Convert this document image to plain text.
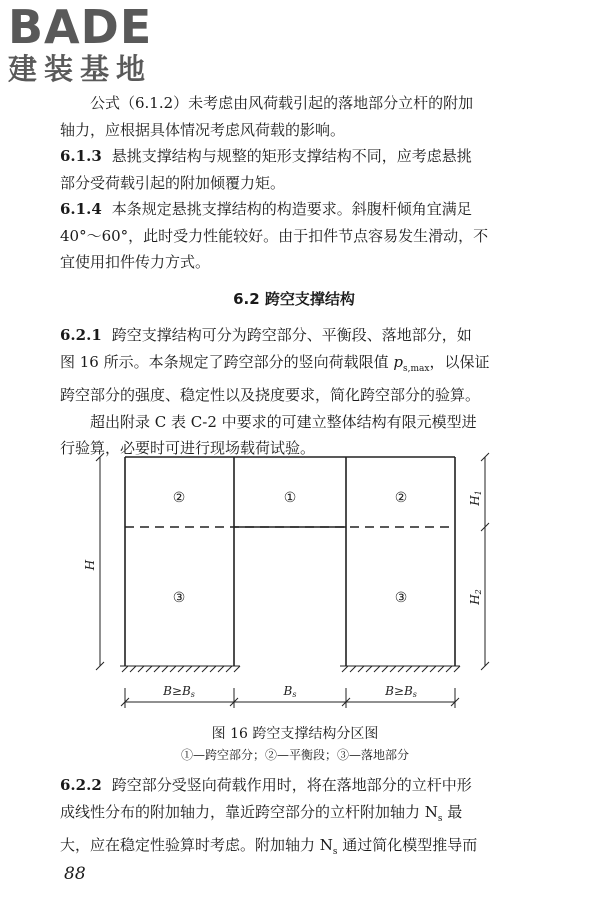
BADE
建装基地
公式（6.1.2）未考虑由风荷载引起的落地部分立杆的附加
轴力，应根据具体情况考虑风荷载的影响。
6.1.3 悬挑支撑结构与规整的矩形支撑结构不同，应考虑悬挑
部分受荷载引起的附加倾覆力矩。
6.1.4 本条规定悬挑支撑结构的构造要求。斜腹杆倾角宜满足
40°～60°，此时受力性能较好。由于扣件节点容易发生滑动，不
宜使用扣件传力方式。
6.2 跨空支撑结构
6.2.1 跨空支撑结构可分为跨空部分、平衡段、落地部分，如
图 16 所示。本条规定了跨空部分的竖向荷载限值 $p_{s,max}$，以保证
跨空部分的强度、稳定性以及挠度要求，简化跨空部分的验算。
超出附录 C 表 C-2 中要求的可建立整体结构有限元模型进
行验算，必要时可进行现场载荷试验。
②	①	②
③	③
H
H1
H2
B≥Bs	Bs	B≥Bs
图 16 跨空支撑结构分区图
①—跨空部分；②—平衡段；③—落地部分
6.2.2 跨空部分受竖向荷载作用时，将在落地部分的立杆中形
成线性分布的附加轴力，靠近跨空部分的立杆附加轴力 $N_s$ 最
大，应在稳定性验算时考虑。附加轴力 $N_s$ 通过简化模型推导而
88
